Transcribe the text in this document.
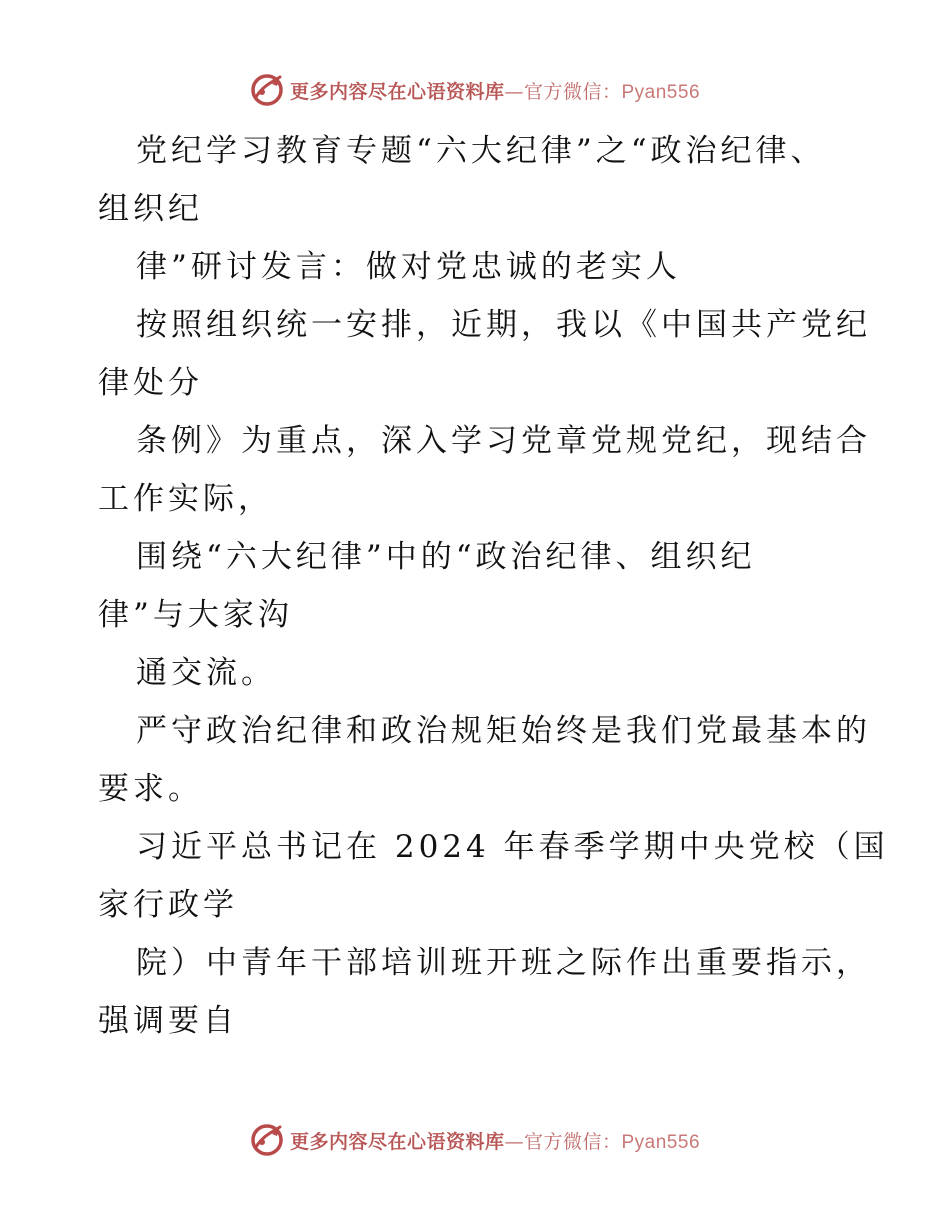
更多内容尽在心语资料库—官方微信：Pyan556
党纪学习教育专题“六大纪律”之“政治纪律、
组织纪
律”研讨发言：做对党忠诚的老实人
按照组织统一安排，近期，我以《中国共产党纪
律处分
条例》为重点，深入学习党章党规党纪，现结合
工作实际，
围绕“六大纪律”中的“政治纪律、组织纪
律”与大家沟
通交流。
严守政治纪律和政治规矩始终是我们党最基本的
要求。
习近平总书记在 2024 年春季学期中央党校（国
家行政学
院）中青年干部培训班开班之际作出重要指示，
强调要自
更多内容尽在心语资料库—官方微信：Pyan556
